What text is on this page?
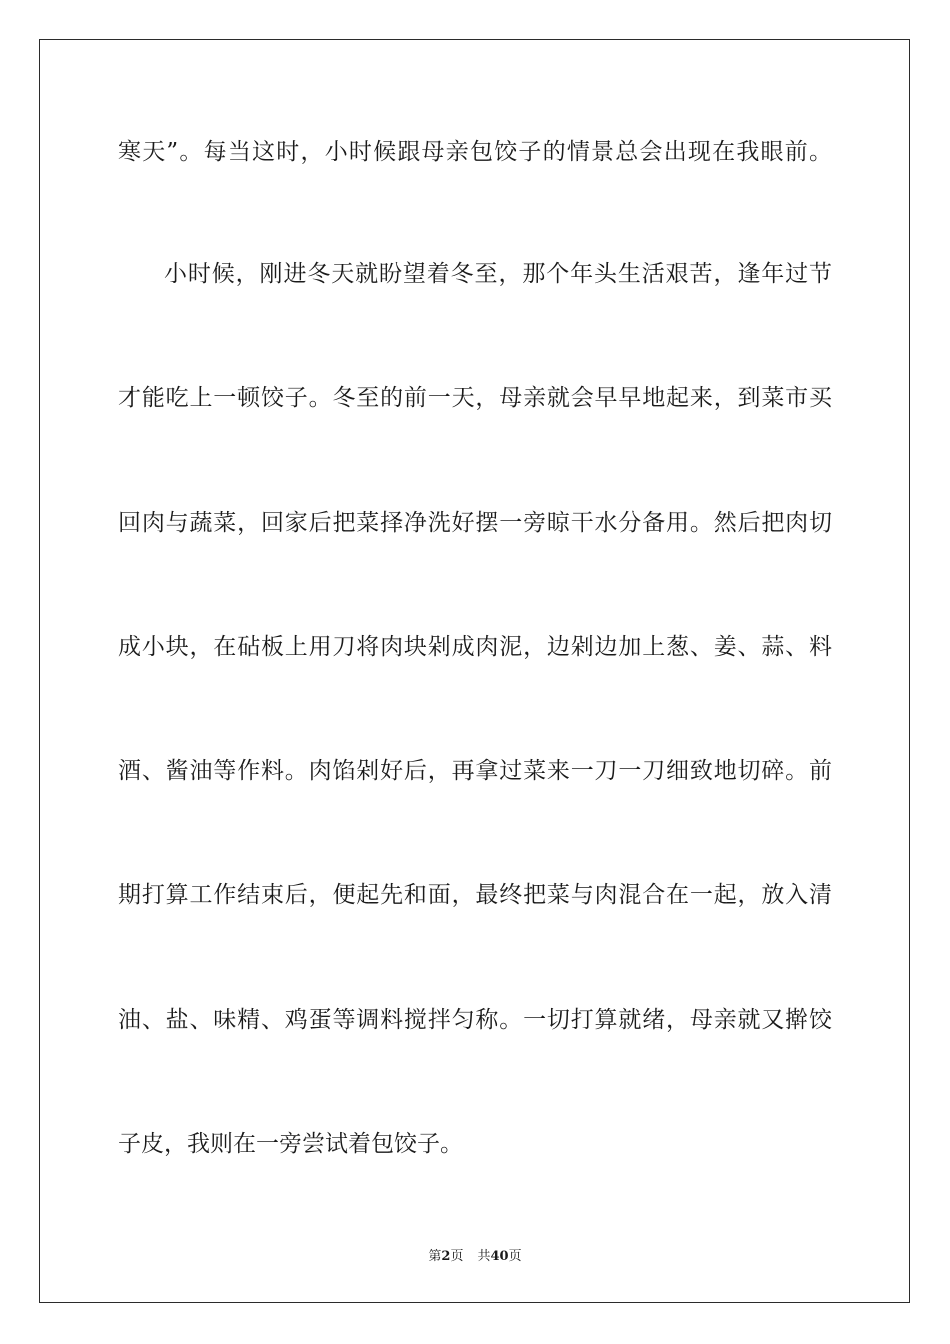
寒天”。每当这时，小时候跟母亲包饺子的情景总会出现在我眼前。
小时候，刚进冬天就盼望着冬至，那个年头生活艰苦，逢年过节
才能吃上一顿饺子。冬至的前一天，母亲就会早早地起来，到菜市买
回肉与蔬菜，回家后把菜择净洗好摆一旁晾干水分备用。然后把肉切
成小块，在砧板上用刀将肉块剁成肉泥，边剁边加上葱、姜、蒜、料
酒、酱油等作料。肉馅剁好后，再拿过菜来一刀一刀细致地切碎。前
期打算工作结束后，便起先和面，最终把菜与肉混合在一起，放入清
油、盐、味精、鸡蛋等调料搅拌匀称。一切打算就绪，母亲就又擀饺
子皮，我则在一旁尝试着包饺子。
第2页 共40页
